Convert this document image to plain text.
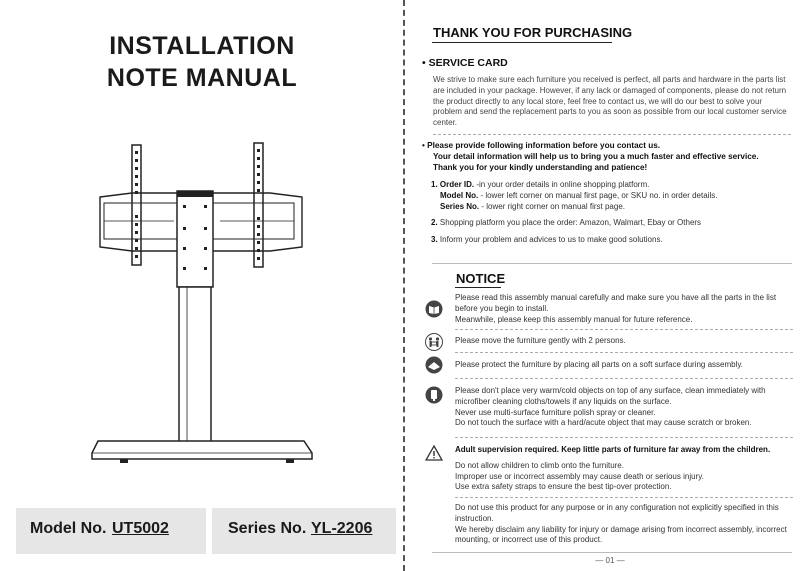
INSTALLATION
NOTE MANUAL
Model No. UT5002	Series No. YL-2206
THANK YOU FOR PURCHASING
• SERVICE CARD
We strive to make sure each furniture you received is perfect, all parts and hardware in the parts list are included in your package. However, if any lack or damaged of components, please do not return the product directly to any local store, feel free to contact us, we will do our best to solve your problem and send the replacement parts to you as soon as possible from our local customer service center.
• Please provide following information before you contact us.
Your detail information will help us to bring you a much faster and effective service.
Thank you for your kindly understanding and patience!
1. Order ID. -in your order details in online shopping platform.
Model No. - lower left corner on manual first page, or SKU no. in order details.
Series No. - lower right corner on manual first page.
2. Shopping platform you place the order: Amazon, Walmart, Ebay or Others
3. Inform your problem and advices to us to make good solutions.
NOTICE
Please read this assembly manual carefully and make sure you have all the parts in the list before you begin to install.
Meanwhile, please keep this assembly manual for future reference.
Please move the furniture gently with 2 persons.
Please protect the furniture by placing all parts on a soft surface during assembly.
Please don't place very warm/cold objects on top of any surface, clean immediately with microfiber cleaning cloths/towels if any liquids on the surface.
Never use multi-surface furniture polish spray or cleaner.
Do not touch the surface with a hard/acute object that may cause scratch or broken.
Adult supervision required. Keep little parts of furniture far away from the children.
Do not allow children to climb onto the furniture.
Improper use or incorrect assembly may cause death or serious injury.
Use extra safety straps to ensure the best tip-over protection.
Do not use this product for any purpose or in any configuration not explicitly specified in this instruction.
We hereby disclaim any liability for injury or damage arising from incorrect assembly, incorrect mounting, or incorrect use of this product.
— 01 —
